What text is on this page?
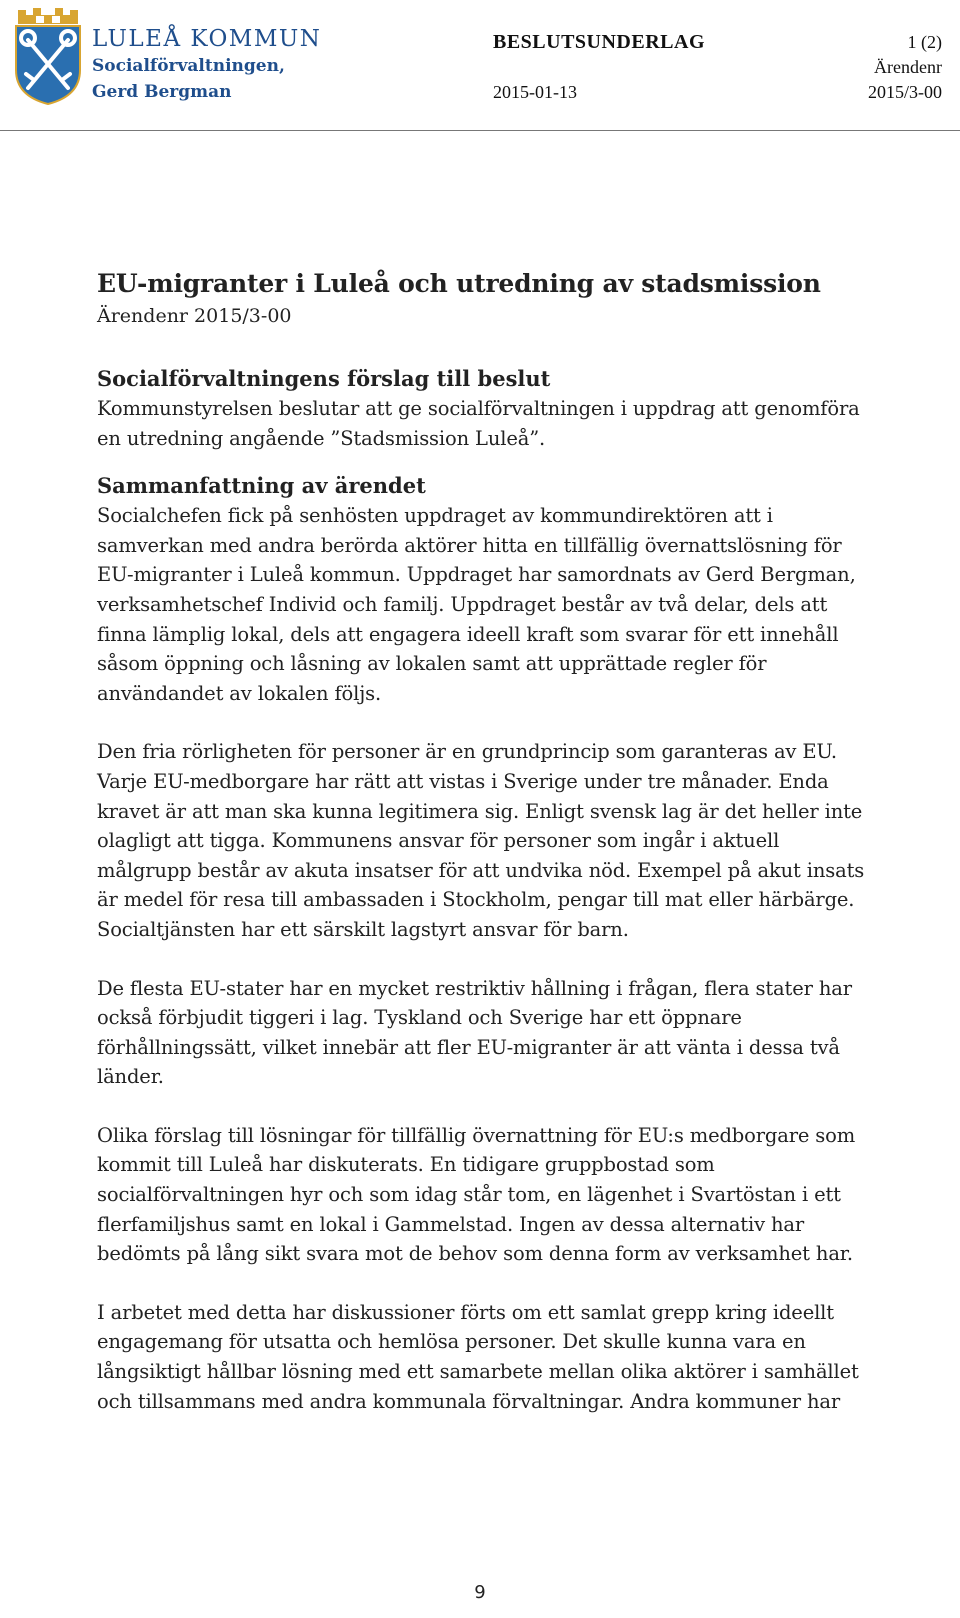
LULEÅ KOMMUN
Socialförvaltningen,
Gerd Bergman
BESLUTSUNDERLAG
2015-01-13
1 (2)
Ärendenr
2015/3-00
EU-migranter i Luleå och utredning av stadsmission

Ärendenr 2015/3-00

Socialförvaltningens förslag till beslut

Kommunstyrelsen beslutar att ge socialförvaltningen i uppdrag att genomföra en utredning angående ”Stadsmission Luleå”.

Sammanfattning av ärendet

Socialchefen fick på senhösten uppdraget av kommundirektören att i samverkan med andra berörda aktörer hitta en tillfällig övernattslösning för EU-migranter i Luleå kommun. Uppdraget har samordnats av Gerd Bergman, verksamhetschef Individ och familj. Uppdraget består av två delar, dels att finna lämplig lokal, dels att engagera ideell kraft som svarar för ett innehåll såsom öppning och låsning av lokalen samt att upprättade regler för användandet av lokalen följs.

Den fria rörligheten för personer är en grundprincip som garanteras av EU. Varje EU-medborgare har rätt att vistas i Sverige under tre månader. Enda kravet är att man ska kunna legitimera sig. Enligt svensk lag är det heller inte olagligt att tigga. Kommunens ansvar för personer som ingår i aktuell målgrupp består av akuta insatser för att undvika nöd. Exempel på akut insats är medel för resa till ambassaden i Stockholm, pengar till mat eller härbärge. Socialtjänsten har ett särskilt lagstyrt ansvar för barn.

De flesta EU-stater har en mycket restriktiv hållning i frågan, flera stater har också förbjudit tiggeri i lag. Tyskland och Sverige har ett öppnare förhållningssätt, vilket innebär att fler EU-migranter är att vänta i dessa två länder.

Olika förslag till lösningar för tillfällig övernattning för EU:s medborgare som kommit till Luleå har diskuterats. En tidigare gruppbostad som socialförvaltningen hyr och som idag står tom, en lägenhet i Svartöstan i ett flerfamiljshus samt en lokal i Gammelstad. Ingen av dessa alternativ har bedömts på lång sikt svara mot de behov som denna form av verksamhet har.

I arbetet med detta har diskussioner förts om ett samlat grepp kring ideellt engagemang för utsatta och hemlösa personer. Det skulle kunna vara en långsiktigt hållbar lösning med ett samarbete mellan olika aktörer i samhället och tillsammans med andra kommunala förvaltningar. Andra kommuner har

9
